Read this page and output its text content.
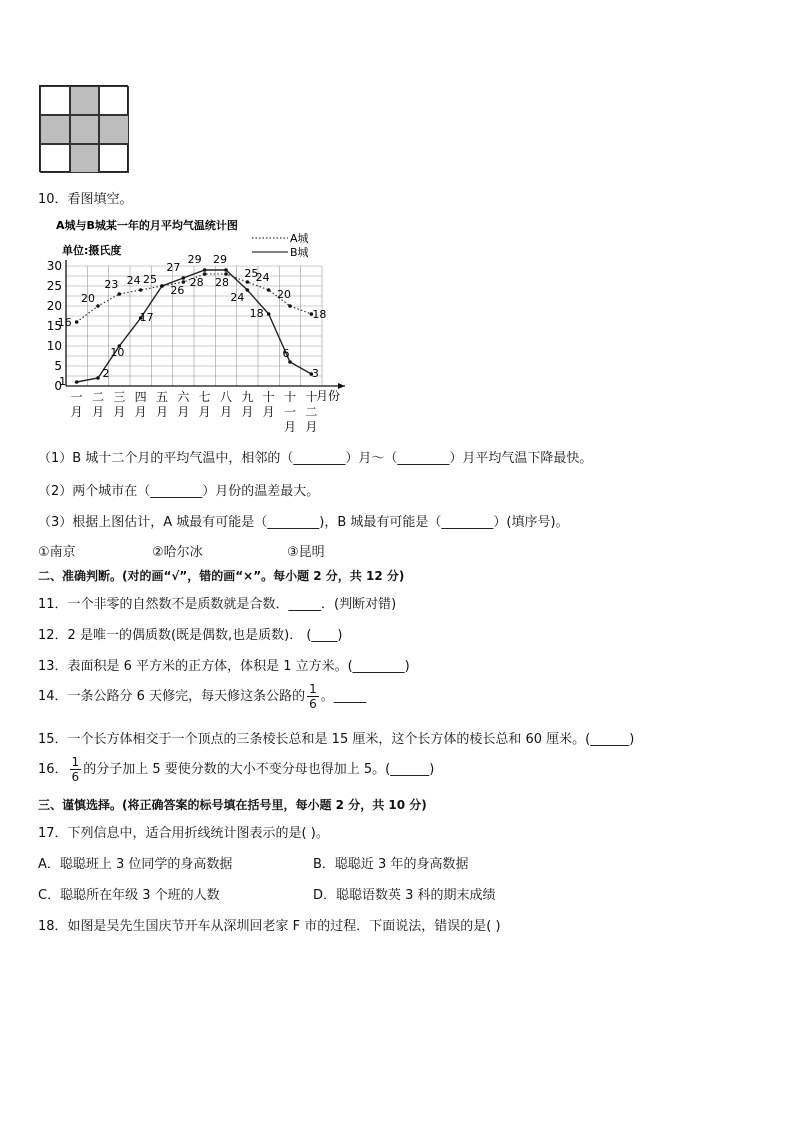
10．看图填空。
A城与B城某一年的月平均气温统计图
单位:摄氏度
A城
B城
月份
0
5
10
15
20
25
30
一
月
二
月
三
月
四
月
五
月
六
月
七
月
八
月
九
月
十
月
十
一
月
十
二
月
16
20
23 24
26
28 28
25
24
20
18
1
2
10
17
25
27
29 29
24
18
6
3
（1）B 城十二个月的平均气温中，相邻的（________）月～（________）月平均气温下降最快。
（2）两个城市在（________）月份的温差最大。
（3）根据上图估计，A 城最有可能是（________)，B 城最有可能是（________）(填序号)。
①南京	②哈尔冰	③昆明
二、准确判断。(对的画“√”，错的画“×”。每小题 2 分，共 12 分)
11．一个非零的自然数不是质数就是合数．_____．(判断对错)
12．2 是唯一的偶质数(既是偶数,也是质数)． (____)
13．表面积是 6 平方米的正方体，体积是 1 立方米。(________)
14．一条公路分 6 天修完，每天修这条公路的 $\frac{1}{6}$ 。_____
15．一个长方体相交于一个顶点的三条棱长总和是 15 厘米，这个长方体的棱长总和 60 厘米。(______)
16． $\frac{1}{6}$ 的分子加上 5 要使分数的大小不变分母也得加上 5。(______)
三、谨慎选择。(将正确答案的标号填在括号里，每小题 2 分，共 10 分)
17．下列信息中，适合用折线统计图表示的是( )。
A．聪聪班上 3 位同学的身高数据	B．聪聪近 3 年的身高数据
C．聪聪所在年级 3 个班的人数	D．聪聪语数英 3 科的期末成绩
18．如图是吴先生国庆节开车从深圳回老家 F 市的过程．下面说法，错误的是( )
